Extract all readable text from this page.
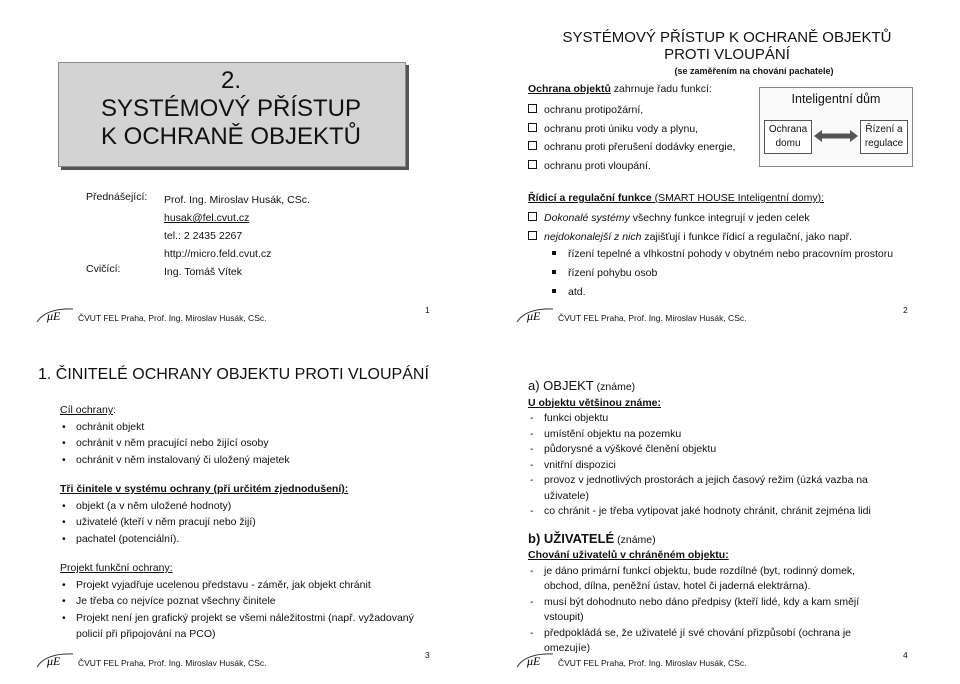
2.
SYSTÉMOVÝ PŘÍSTUP
K OCHRANĚ OBJEKTŮ
Přednášející: Prof. Ing. Miroslav Husák, CSc.
husak@fel.cvut.cz
tel.: 2 2435 2267
http://micro.feld.cvut.cz
Ing. Tomáš Vítek
Cvičící:
μE ČVUT FEL Praha, Prof. Ing. Miroslav Husák, CSc.
1
SYSTÉMOVÝ PŘÍSTUP K OCHRANĚ OBJEKTŮ
PROTI VLOUPÁNÍ
(se zaměřením na chování pachatele)
Ochrana objektů zahrnuje řadu funkcí:
ochranu protipožární,
ochranu proti úniku vody a plynu,
ochranu proti přerušení dodávky energie,
ochranu proti vloupání.
Inteligentní dům
Ochrana
domu
Řízení a
regulace
Řídicí a regulační funkce (SMART HOUSE Inteligentní domy):
Dokonalé systémy všechny funkce integrují v jeden celek
nejdokonalejší z nich zajišťují i funkce řídicí a regulační, jako např.
řízení tepelné a vlhkostní pohody v obytném nebo pracovním prostoru
řízení pohybu osob
atd.
μE ČVUT FEL Praha, Prof. Ing. Miroslav Husák, CSc.
2
1. ČINITELÉ OCHRANY OBJEKTU PROTI VLOUPÁNÍ
Cíl ochrany:
• ochránit objekt
• ochránit v něm pracující nebo žijící osoby
• ochránit v něm instalovaný či uložený majetek
Tři činitele v systému ochrany (při určitém zjednodušení):
• objekt (a v něm uložené hodnoty)
• uživatelé (kteří v něm pracují nebo žijí)
• pachatel (potenciální).
Projekt funkční ochrany:
• Projekt vyjadřuje ucelenou představu - záměr, jak objekt chránit
• Je třeba co nejvíce poznat všechny činitele
• Projekt není jen grafický projekt se všemi náležitostmi (např. vyžadovaný policií při připojování na PCO)
μE ČVUT FEL Praha, Prof. Ing. Miroslav Husák, CSc.
3
a) OBJEKT (známe)
U objektu většinou známe:
- funkci objektu
- umístění objektu na pozemku
- půdorysné a výškové členění objektu
- vnitřní dispozici
- provoz v jednotlivých prostorách a jejich časový režim (úzká vazba na uživatele)
- co chránit - je třeba vytipovat jaké hodnoty chránit, chránit zejména lidi
b) UŽIVATELÉ (známe)
Chování uživatelů v chráněném objektu:
- je dáno primární funkcí objektu, bude rozdílné (byt, rodinný domek, obchod, dílna, peněžní ústav, hotel či jaderná elektrárna).
- musí být dohodnuto nebo dáno předpisy (kteří lidé, kdy a kam smějí vstoupit)
- předpokládá se, že uživatelé jí své chování přizpůsobí (ochrana je omezujíe)
μE ČVUT FEL Praha, Prof. Ing. Miroslav Husák, CSc.
4
